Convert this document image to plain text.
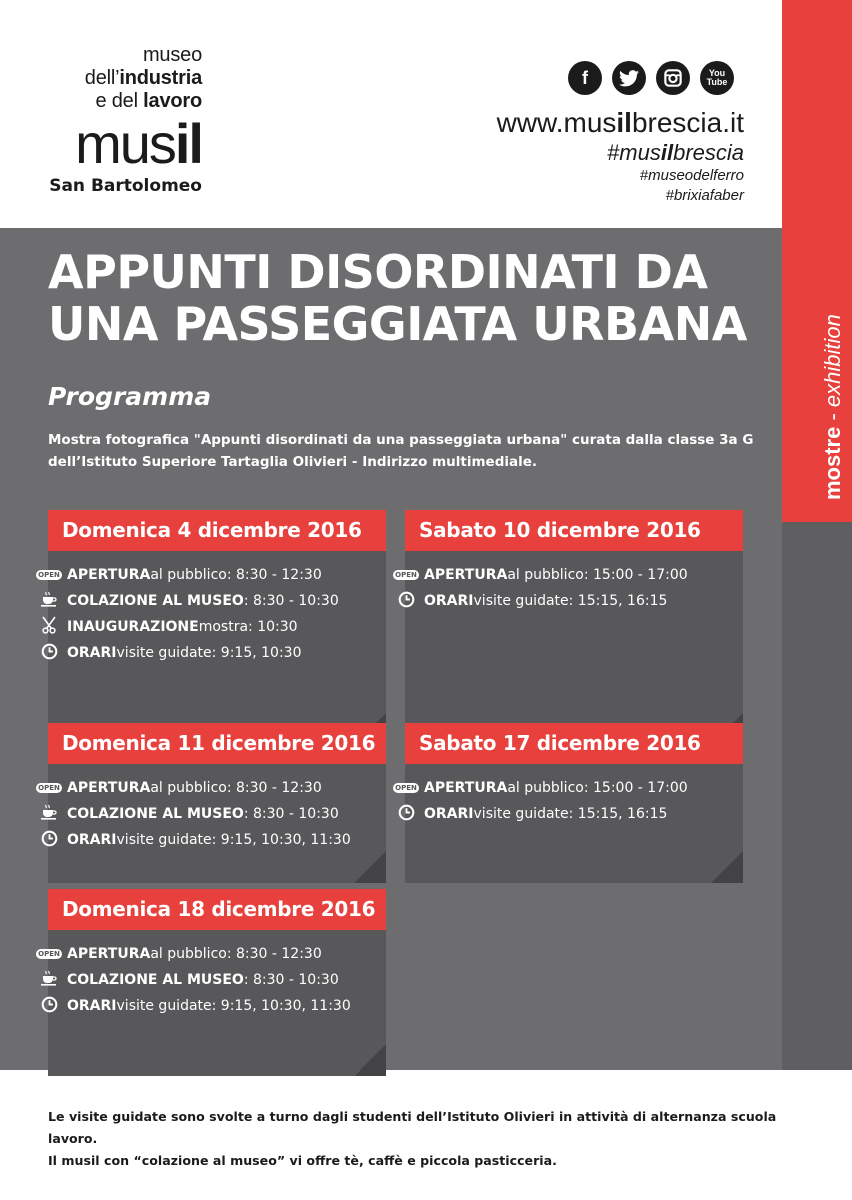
museo
dell’industria
e del lavoro
musil
San Bartolomeo
f	You
Tube
www.musilbrescia.it
#musilbrescia
#museodelferro
#brixiafaber
mostre - exhibition
APPUNTI DISORDINATI DA
UNA PASSEGGIATA URBANA
Programma
Mostra fotografica "Appunti disordinati da una passeggiata urbana" curata dalla classe 3a G
dell’Istituto Superiore Tartaglia Olivieri - Indirizzo multimediale.
Domenica 4 dicembre 2016
OPEN APERTURA al pubblico: 8:30 - 12:30
COLAZIONE AL MUSEO : 8:30 - 10:30
INAUGURAZIONE mostra: 10:30
ORARI visite guidate: 9:15, 10:30
Sabato 10 dicembre 2016
OPEN APERTURA al pubblico: 15:00 - 17:00
ORARI visite guidate: 15:15, 16:15
Domenica 11 dicembre 2016
OPEN APERTURA al pubblico: 8:30 - 12:30
COLAZIONE AL MUSEO : 8:30 - 10:30
ORARI visite guidate: 9:15, 10:30, 11:30
Sabato 17 dicembre 2016
OPEN APERTURA al pubblico: 15:00 - 17:00
ORARI visite guidate: 15:15, 16:15
Domenica 18 dicembre 2016
OPEN APERTURA al pubblico: 8:30 - 12:30
COLAZIONE AL MUSEO : 8:30 - 10:30
ORARI visite guidate: 9:15, 10:30, 11:30
Le visite guidate sono svolte a turno dagli studenti dell’Istituto Olivieri in attività di alternanza scuola lavoro.
Il musil con “colazione al museo” vi offre tè, caffè e piccola pasticceria.
